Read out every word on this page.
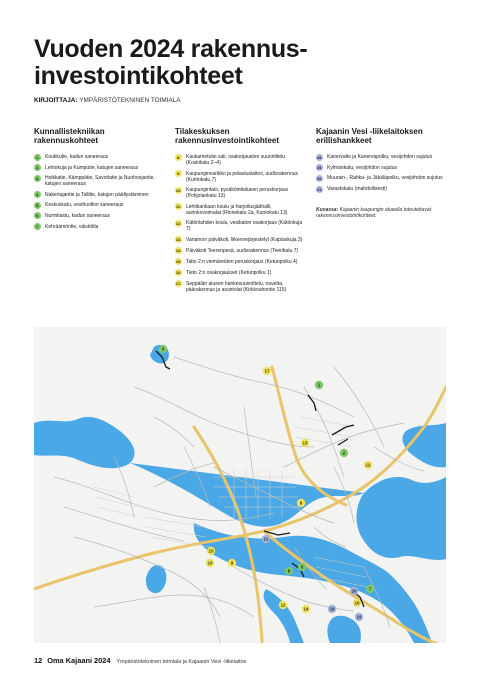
Vuoden 2024 rakennus-
investointikohteet
KIRJOITTAJA: YMPÄRISTÖTEKNINEN TOIMIALA
Kunnallistekniikan
rakennuskohteet
1.	Koukkutie, kadun saneeraus
2.	Lehtokuja ja Kumputie, katujen saneeraus
3.	Hoikkatie, Kämppätie, Savottatie ja Nuohoojantie, katujen saneeraus
4.	Nakertajantie ja Tallitie, katujen päällystäminen
5.	Keskuskatu, vesihuollon saneeraus
6.	Nurmilastu, kadun saneeraus
7.	Kehräämöntie, väistötila
Tilakeskuksen
rakennusinvestointikohteet
8.	Kaukametsän sali, osakorjausten suunnittelu (Koskikatu 2–4)
9.	Kaupunginvarikko ja pelastuslaitos, uudisrakennus (Kuntokatu 7)
10. Kaupungintalo, pysäköintialueen peruskorjaus (Pohjolankatu 13)
11. Lehtikankaan koulu ja harjoitusjäähalli, aurinkovoimalat (Rinnekatu 2a, Kuntokatu 13)
12. Kätönlahden koulu, vesikaton osakorjaus (Kätönkuja 7)
13. Vanamon päiväkoti, liikennejärjestelyt (Kaplaskuja 3)
14. Päiväkoti Teerenpesä, uudisrakennus (Teerikatu 7)
15. Talto 2:n viemäreiden peruskorjaus (Ketunpolku 4)
16. Tieto 2:n osakorjaukset (Ketunpolku 1)
17. Seppälän alueen hankesuunnittelu, navetta, päärakennus ja asuntolat (Kirkkoahontie 115)
Kajaanin Vesi -liikelaitoksen
erillishankkeet
18. Kanervatie ja Kanervapolku, vesijohdon sujutus
19. Kylmänkatu, vesijohdon sujutus
20. Muurain-, Rahka- ja Jäkäläpolku, vesijohdon sujutus
21. Varastokatu (mahdollisesti)
Kuvassa: Kajaanin kaupungin alueella toteutettavat rakennusinvestointikohteet.
3
17
1
13
12
2
8
21
15
10	9
6
5
20	7
16
11
14	18
19
12 Oma Kajaani 2024 Ympäristötekninen toimiala ja Kajaanin Vesi -liikelaitos
